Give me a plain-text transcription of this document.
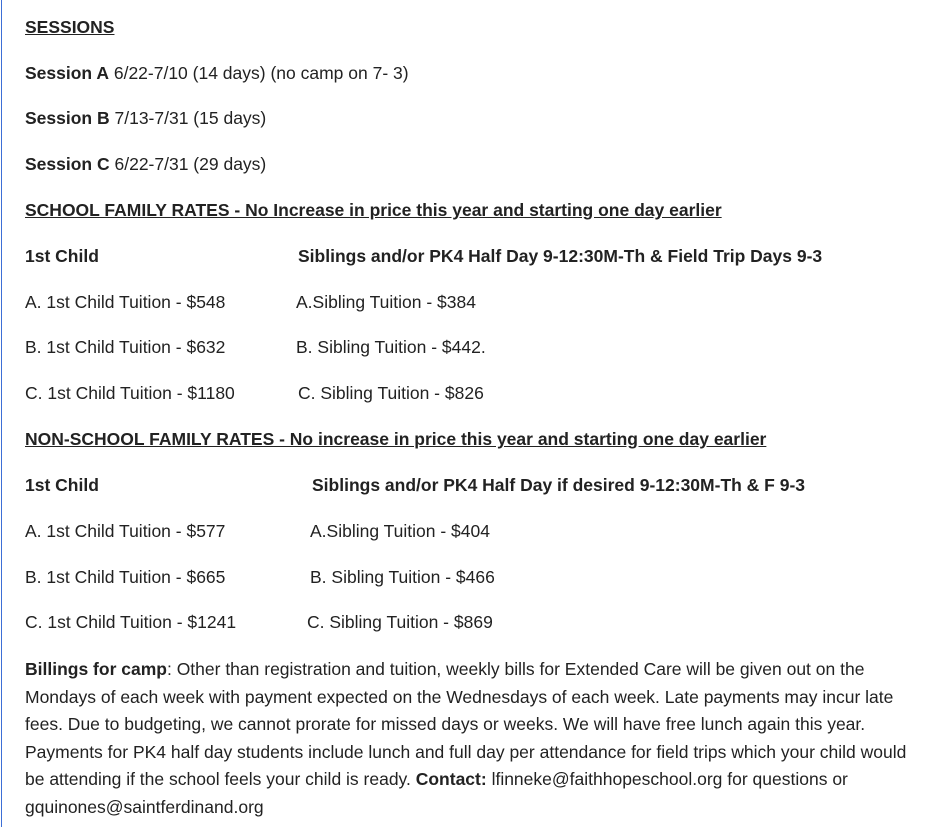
SESSIONS
Session A 6/22-7/10 (14 days) (no camp on 7- 3)
Session B 7/13-7/31 (15 days)
Session C 6/22-7/31 (29 days)
SCHOOL FAMILY RATES - No Increase in price this year and starting one day earlier
1st Child	Siblings and/or PK4 Half Day 9-12:30M-Th & Field Trip Days 9-3
A. 1st Child Tuition - $548	A.Sibling Tuition - $384
B. 1st Child Tuition - $632	B. Sibling Tuition - $442.
C. 1st Child Tuition - $1180	C. Sibling Tuition - $826
NON-SCHOOL FAMILY RATES - No increase in price this year and starting one day earlier
1st Child	Siblings and/or PK4 Half Day if desired 9-12:30M-Th & F 9-3
A. 1st Child Tuition - $577	A.Sibling Tuition - $404
B. 1st Child Tuition - $665	B. Sibling Tuition - $466
C. 1st Child Tuition - $1241	C. Sibling Tuition - $869
Billings for camp: Other than registration and tuition, weekly bills for Extended Care will be given out on the Mondays of each week with payment expected on the Wednesdays of each week. Late payments may incur late fees. Due to budgeting, we cannot prorate for missed days or weeks. We will have free lunch again this year. Payments for PK4 half day students include lunch and full day per attendance for field trips which your child would be attending if the school feels your child is ready. Contact: lfinneke@faithhopeschool.org for questions or gquinones@saintferdinand.org
